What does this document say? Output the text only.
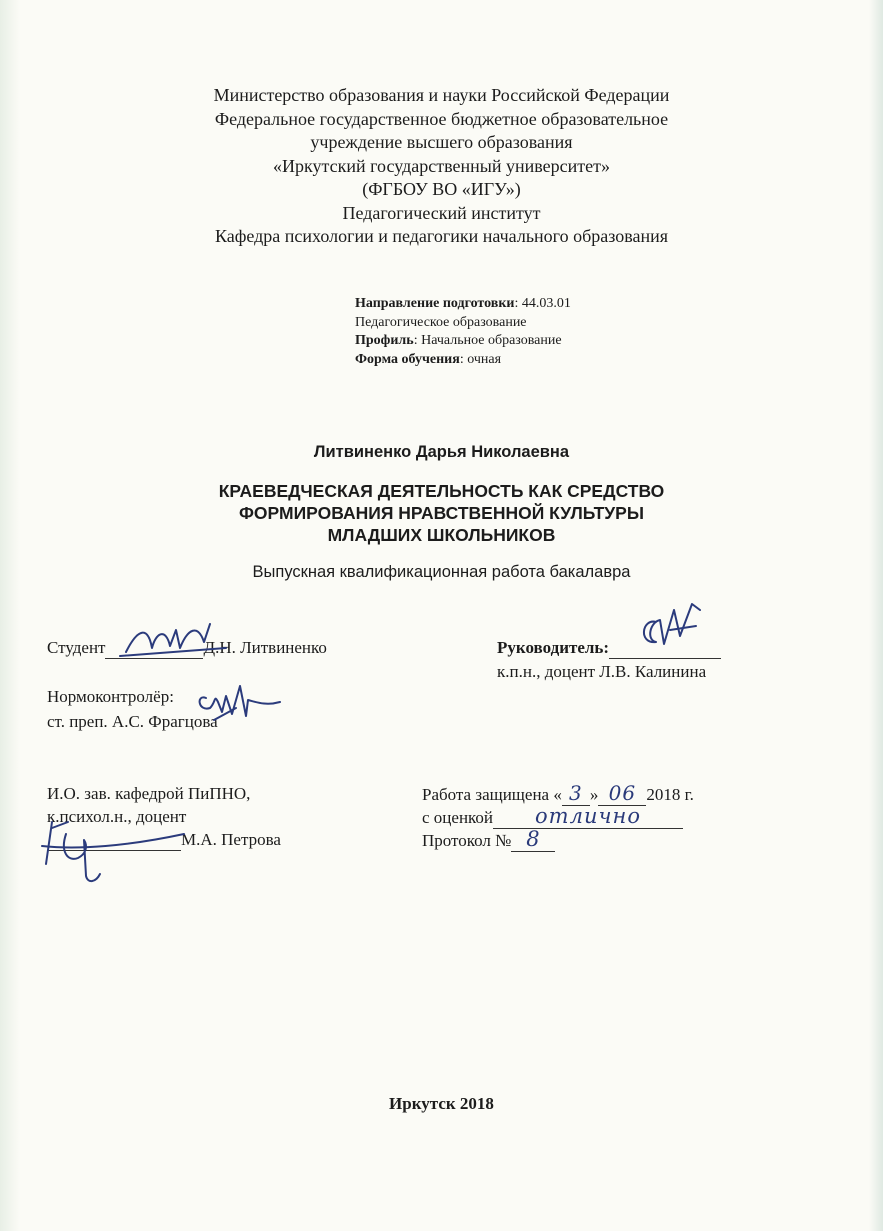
Министерство образования и науки Российской Федерации
Федеральное государственное бюджетное образовательное
учреждение высшего образования
«Иркутский государственный университет»
(ФГБОУ ВО «ИГУ»)
Педагогический институт
Кафедра психологии и педагогики начального образования
Направление подготовки: 44.03.01
Педагогическое образование
Профиль: Начальное образование
Форма обучения: очная
Литвиненко Дарья Николаевна
КРАЕВЕДЧЕСКАЯ ДЕЯТЕЛЬНОСТЬ КАК СРЕДСТВО
ФОРМИРОВАНИЯ НРАВСТВЕННОЙ КУЛЬТУРЫ
МЛАДШИХ ШКОЛЬНИКОВ
Выпускная квалификационная работа бакалавра
Студент	Д.Н. Литвиненко	Руководитель:
к.п.н., доцент Л.В. Калинина
Нормоконтролёр:
ст. преп. А.С. Фрагцова
И.О. зав. кафедрой ПиПНО,
к.психол.н., доцент
М.А. Петрова
Работа защищена « 3 » 06 2018 г.
с оценкой отлично
Протокол № 8
Иркутск 2018
